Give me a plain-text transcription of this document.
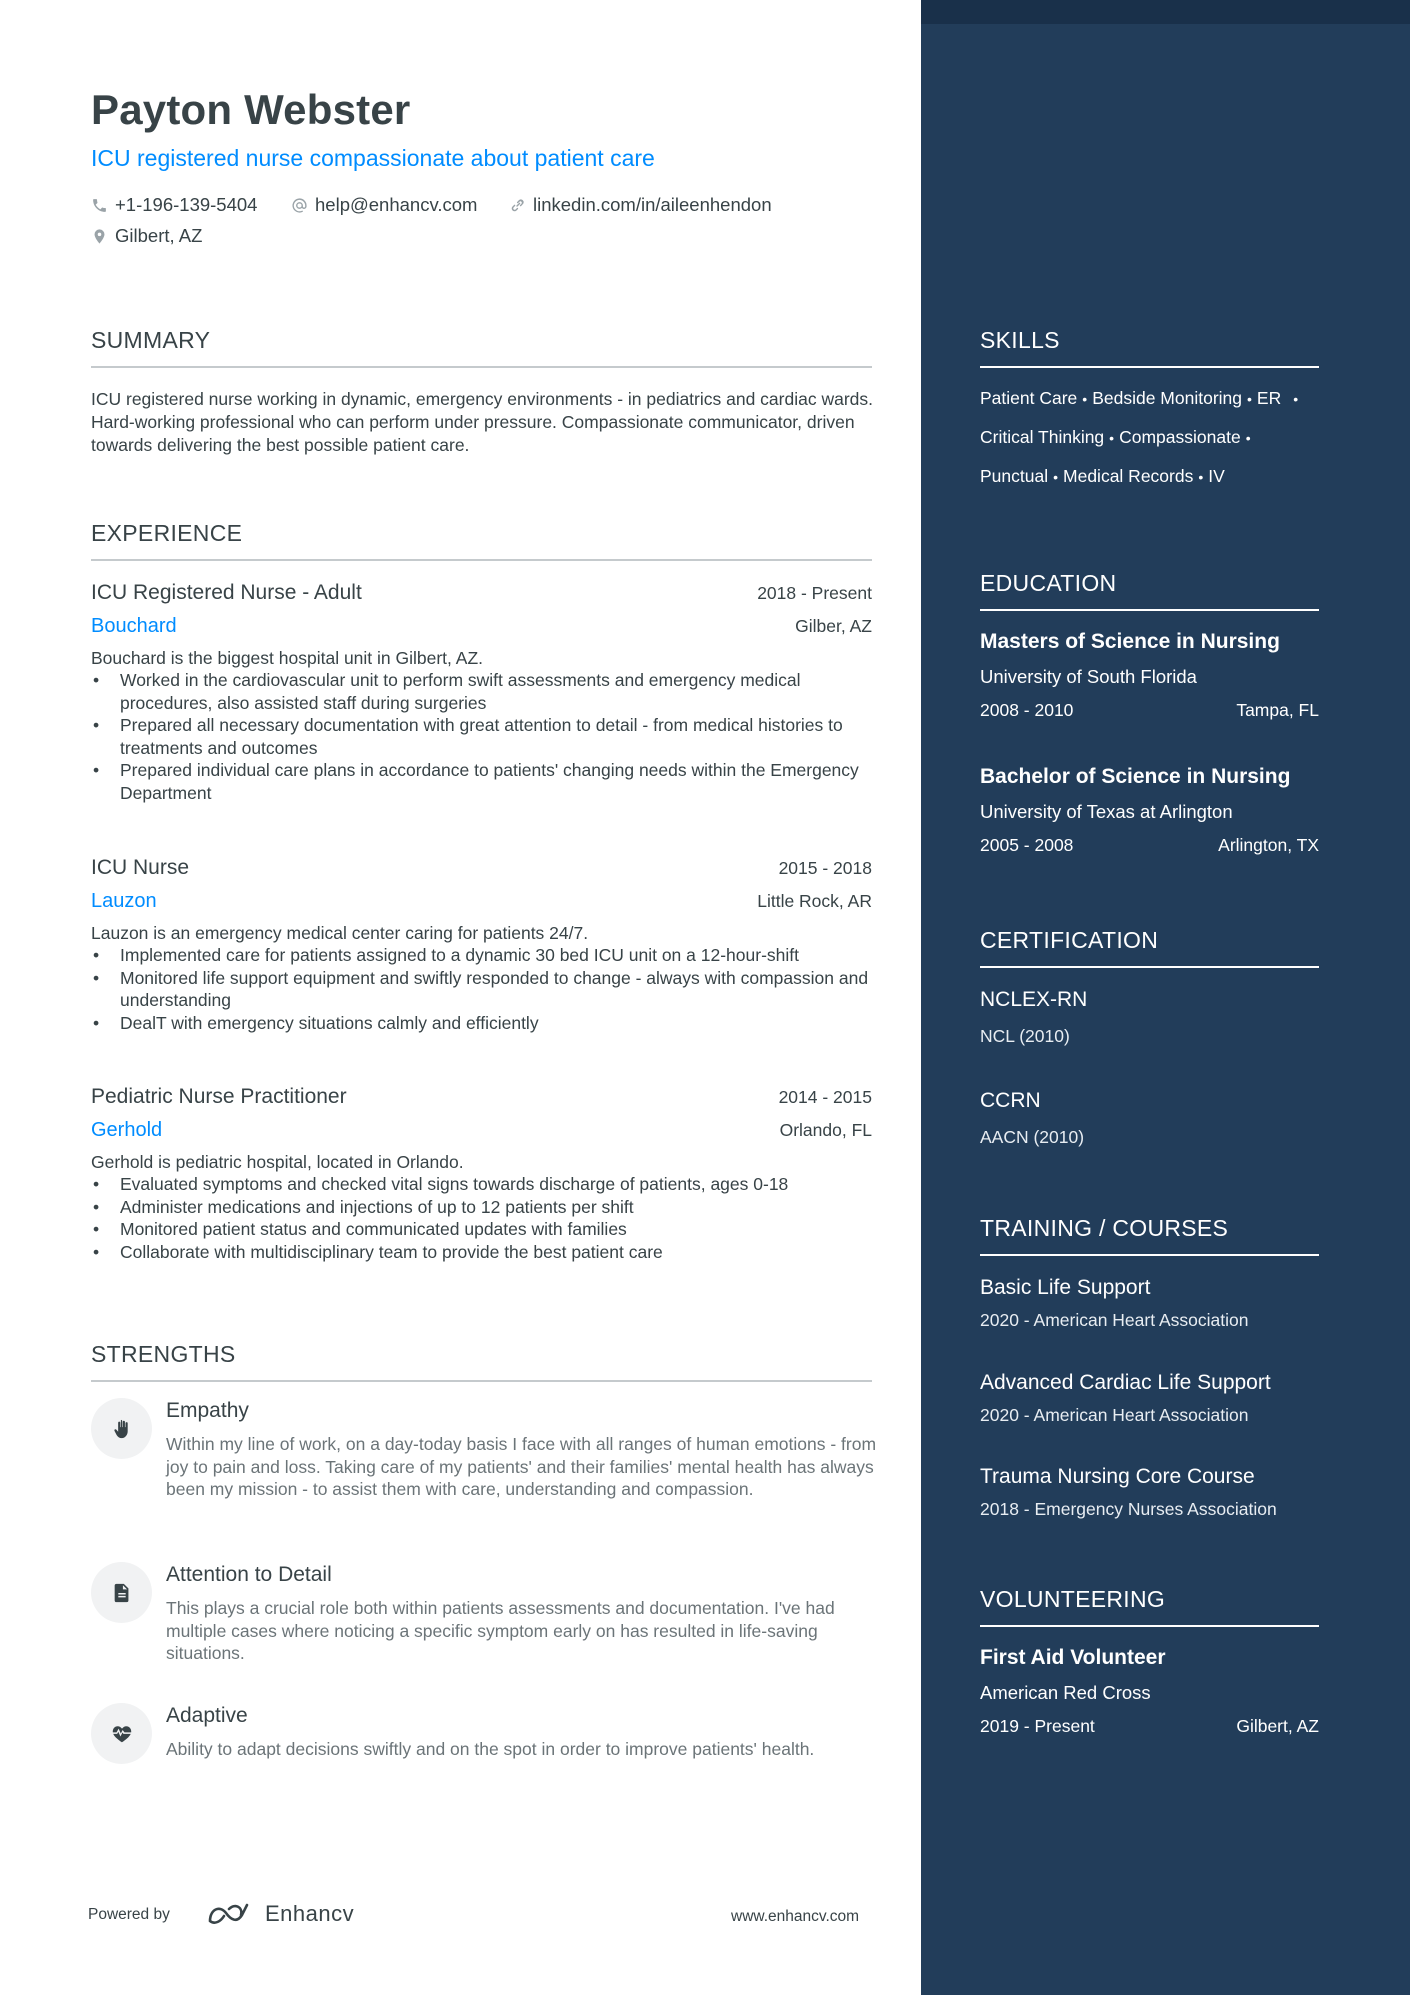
Payton Webster
ICU registered nurse compassionate about patient care
+1-196-139-5404	help@enhancv.com	linkedin.com/in/aileenhendon
Gilbert, AZ
SUMMARY
ICU registered nurse working in dynamic, emergency environments - in pediatrics and cardiac wards. Hard-working professional who can perform under pressure. Compassionate communicator, driven towards delivering the best possible patient care.
EXPERIENCE
ICU Registered Nurse - Adult	2018 - Present
Bouchard	Gilber, AZ
Bouchard is the biggest hospital unit in Gilbert, AZ.
• Worked in the cardiovascular unit to perform swift assessments and emergency medical procedures, also assisted staff during surgeries
• Prepared all necessary documentation with great attention to detail - from medical histories to treatments and outcomes
• Prepared individual care plans in accordance to patients' changing needs within the Emergency Department
ICU Nurse	2015 - 2018
Lauzon	Little Rock, AR
Lauzon is an emergency medical center caring for patients 24/7.
• Implemented care for patients assigned to a dynamic 30 bed ICU unit on a 12-hour-shift
• Monitored life support equipment and swiftly responded to change - always with compassion and understanding
• DealT with emergency situations calmly and efficiently
Pediatric Nurse Practitioner	2014 - 2015
Gerhold	Orlando, FL
Gerhold is pediatric hospital, located in Orlando.
• Evaluated symptoms and checked vital signs towards discharge of patients, ages 0-18
• Administer medications and injections of up to 12 patients per shift
• Monitored patient status and communicated updates with families
• Collaborate with multidisciplinary team to provide the best patient care
STRENGTHS
Empathy
Within my line of work, on a day-today basis I face with all ranges of human emotions - from joy to pain and loss. Taking care of my patients' and their families' mental health has always been my mission - to assist them with care, understanding and compassion.
Attention to Detail
This plays a crucial role both within patients assessments and documentation. I've had multiple cases where noticing a specific symptom early on has resulted in life-saving situations.
Adaptive
Ability to adapt decisions swiftly and on the spot in order to improve patients' health.
Powered by	Enhancv	www.enhancv.com
SKILLS
Patient Care • Bedside Monitoring • ER •
Critical Thinking • Compassionate •
Punctual • Medical Records • IV
EDUCATION
Masters of Science in Nursing
University of South Florida
2008 - 2010	Tampa, FL
Bachelor of Science in Nursing
University of Texas at Arlington
2005 - 2008	Arlington, TX
CERTIFICATION
NCLEX-RN
NCL (2010)
CCRN
AACN (2010)
TRAINING / COURSES
Basic Life Support
2020 - American Heart Association
Advanced Cardiac Life Support
2020 - American Heart Association
Trauma Nursing Core Course
2018 - Emergency Nurses Association
VOLUNTEERING
First Aid Volunteer
American Red Cross
2019 - Present	Gilbert, AZ
